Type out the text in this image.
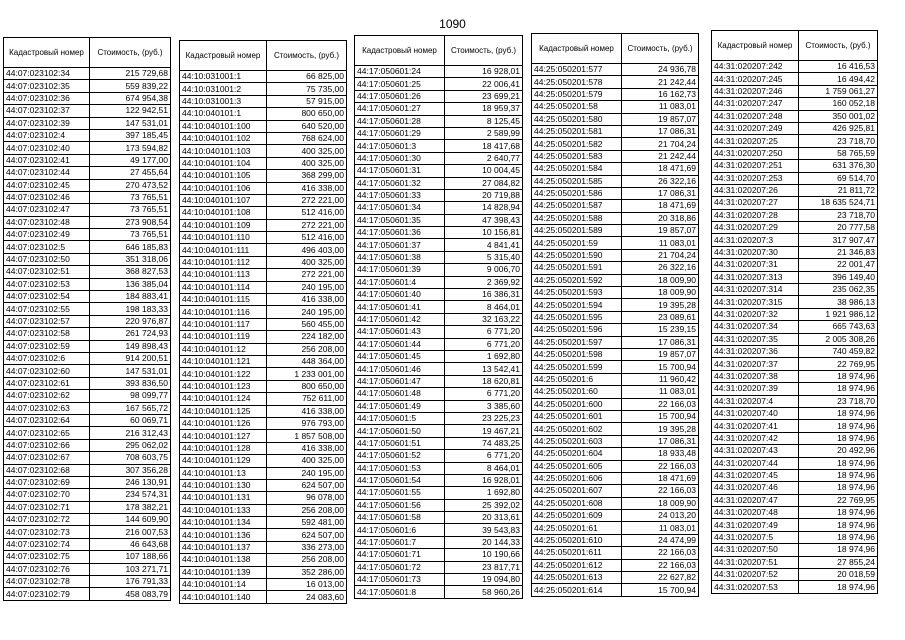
1090
Кадастровый номер	Стоимость, (руб.)
44:07:023102:34	215 729,68
44:07:023102:35	559 839,22
44:07:023102:36	674 954,38
44:07:023102:37	122 942,51
44:07:023102:39	147 531,01
44:07:023102:4	397 185,45
44:07:023102:40	173 594,82
44:07:023102:41	49 177,00
44:07:023102:44	27 455,64
44:07:023102:45	270 473,52
44:07:023102:46	73 765,51
44:07:023102:47	73 765,51
44:07:023102:48	273 908,54
44:07:023102:49	73 765,51
44:07:023102:5	646 185,83
44:07:023102:50	351 318,06
44:07:023102:51	368 827,53
44:07:023102:53	136 385,04
44:07:023102:54	184 883,41
44:07:023102:55	198 183,33
44:07:023102:57	220 976,87
44:07:023102:58	261 724,93
44:07:023102:59	149 898,43
44:07:023102:6	914 200,51
44:07:023102:60	147 531,01
44:07:023102:61	393 836,50
44:07:023102:62	98 099,77
44:07:023102:63	167 565,72
44:07:023102:64	60 069,71
44:07:023102:65	216 312,43
44:07:023102:66	295 062,02
44:07:023102:67	708 603,75
44:07:023102:68	307 356,28
44:07:023102:69	246 130,91
44:07:023102:70	234 574,31
44:07:023102:71	178 382,21
44:07:023102:72	144 609,90
44:07:023102:73	216 007,53
44:07:023102:74	46 643,68
44:07:023102:75	107 188,66
44:07:023102:76	103 271,71
44:07:023102:78	176 791,33
44:07:023102:79	458 083,79
Кадастровый номер	Стоимость, (руб.)
44:10:031001:1	66 825,00
44:10:031001:2	75 735,00
44:10:031001:3	57 915,00
44:10:040101:1	800 650,00
44:10:040101:100	640 520,00
44:10:040101:102	768 624,00
44:10:040101:103	400 325,00
44:10:040101:104	400 325,00
44:10:040101:105	368 299,00
44:10:040101:106	416 338,00
44:10:040101:107	272 221,00
44:10:040101:108	512 416,00
44:10:040101:109	272 221,00
44:10:040101:110	512 416,00
44:10:040101:111	496 403,00
44:10:040101:112	400 325,00
44:10:040101:113	272 221,00
44:10:040101:114	240 195,00
44:10:040101:115	416 338,00
44:10:040101:116	240 195,00
44:10:040101:117	560 455,00
44:10:040101:119	224 182,00
44:10:040101:12	256 208,00
44:10:040101:121	448 364,00
44:10:040101:122	1 233 001,00
44:10:040101:123	800 650,00
44:10:040101:124	752 611,00
44:10:040101:125	416 338,00
44:10:040101:126	976 793,00
44:10:040101:127	1 857 508,00
44:10:040101:128	416 338,00
44:10:040101:129	400 325,00
44:10:040101:13	240 195,00
44:10:040101:130	624 507,00
44:10:040101:131	96 078,00
44:10:040101:133	256 208,00
44:10:040101:134	592 481,00
44:10:040101:136	624 507,00
44:10:040101:137	336 273,00
44:10:040101:138	256 208,00
44:10:040101:139	352 286,00
44:10:040101:14	16 013,00
44:10:040101:140	24 083,60
Кадастровый номер	Стоимость, (руб.)
44:17:050601:24	16 928,01
44:17:050601:25	22 006,41
44:17:050601:26	23 699,21
44:17:050601:27	18 959,37
44:17:050601:28	8 125,45
44:17:050601:29	2 589,99
44:17:050601:3	18 417,68
44:17:050601:30	2 640,77
44:17:050601:31	10 004,45
44:17:050601:32	27 084,82
44:17:050601:33	20 719,88
44:17:050601:34	14 828,94
44:17:050601:35	47 398,43
44:17:050601:36	10 156,81
44:17:050601:37	4 841,41
44:17:050601:38	5 315,40
44:17:050601:39	9 006,70
44:17:050601:4	2 369,92
44:17:050601:40	16 386,31
44:17:050601:41	8 464,01
44:17:050601:42	32 163,22
44:17:050601:43	6 771,20
44:17:050601:44	6 771,20
44:17:050601:45	1 692,80
44:17:050601:46	13 542,41
44:17:050601:47	18 620,81
44:17:050601:48	6 771,20
44:17:050601:49	3 385,60
44:17:050601:5	23 225,23
44:17:050601:50	19 467,21
44:17:050601:51	74 483,25
44:17:050601:52	6 771,20
44:17:050601:53	8 464,01
44:17:050601:54	16 928,01
44:17:050601:55	1 692,80
44:17:050601:56	25 392,02
44:17:050601:58	20 313,61
44:17:050601:6	39 543,83
44:17:050601:7	20 144,33
44:17:050601:71	10 190,66
44:17:050601:72	23 817,71
44:17:050601:73	19 094,80
44:17:050601:8	58 960,26
Кадастровый номер	Стоимость, (руб.)
44:25:050201:577	24 936,78
44:25:050201:578	21 242,44
44:25:050201:579	16 162,73
44:25:050201:58	11 083,01
44:25:050201:580	19 857,07
44:25:050201:581	17 086,31
44:25:050201:582	21 704,24
44:25:050201:583	21 242,44
44:25:050201:584	18 471,69
44:25:050201:585	26 322,16
44:25:050201:586	17 086,31
44:25:050201:587	18 471,69
44:25:050201:588	20 318,86
44:25:050201:589	19 857,07
44:25:050201:59	11 083,01
44:25:050201:590	21 704,24
44:25:050201:591	26 322,16
44:25:050201:592	18 009,90
44:25:050201:593	18 009,90
44:25:050201:594	19 395,28
44:25:050201:595	23 089,61
44:25:050201:596	15 239,15
44:25:050201:597	17 086,31
44:25:050201:598	19 857,07
44:25:050201:599	15 700,94
44:25:050201:6	11 960,42
44:25:050201:60	11 083,01
44:25:050201:600	22 166,03
44:25:050201:601	15 700,94
44:25:050201:602	19 395,28
44:25:050201:603	17 086,31
44:25:050201:604	18 933,48
44:25:050201:605	22 166,03
44:25:050201:606	18 471,69
44:25:050201:607	22 166,03
44:25:050201:608	18 009,90
44:25:050201:609	24 013,20
44:25:050201:61	11 083,01
44:25:050201:610	24 474,99
44:25:050201:611	22 166,03
44:25:050201:612	22 166,03
44:25:050201:613	22 627,82
44:25:050201:614	15 700,94
Кадастровый номер	Стоимость, (руб.)
44:31:020207:242	16 416,53
44:31:020207:245	16 494,42
44:31:020207:246	1 759 061,27
44:31:020207:247	160 052,18
44:31:020207:248	350 001,02
44:31:020207:249	426 925,81
44:31:020207:25	23 718,70
44:31:020207:250	58 765,59
44:31:020207:251	631 376,30
44:31:020207:253	69 514,70
44:31:020207:26	21 811,72
44:31:020207:27	18 635 524,71
44:31:020207:28	23 718,70
44:31:020207:29	20 777,58
44:31:020207:3	317 907,47
44:31:020207:30	21 346,83
44:31:020207:31	22 001,47
44:31:020207:313	396 149,40
44:31:020207:314	235 062,35
44:31:020207:315	38 986,13
44:31:020207:32	1 921 986,12
44:31:020207:34	665 743,63
44:31:020207:35	2 005 308,26
44:31:020207:36	740 459,82
44:31:020207:37	22 769,95
44:31:020207:38	18 974,96
44:31:020207:39	18 974,96
44:31:020207:4	23 718,70
44:31:020207:40	18 974,96
44:31:020207:41	18 974,96
44:31:020207:42	18 974,96
44:31:020207:43	20 492,96
44:31:020207:44	18 974,96
44:31:020207:45	18 974,96
44:31:020207:46	18 974,96
44:31:020207:47	22 769,95
44:31:020207:48	18 974,96
44:31:020207:49	18 974,96
44:31:020207:5	18 974,96
44:31:020207:50	18 974,96
44:31:020207:51	27 855,24
44:31:020207:52	20 018,59
44:31:020207:53	18 974,96
